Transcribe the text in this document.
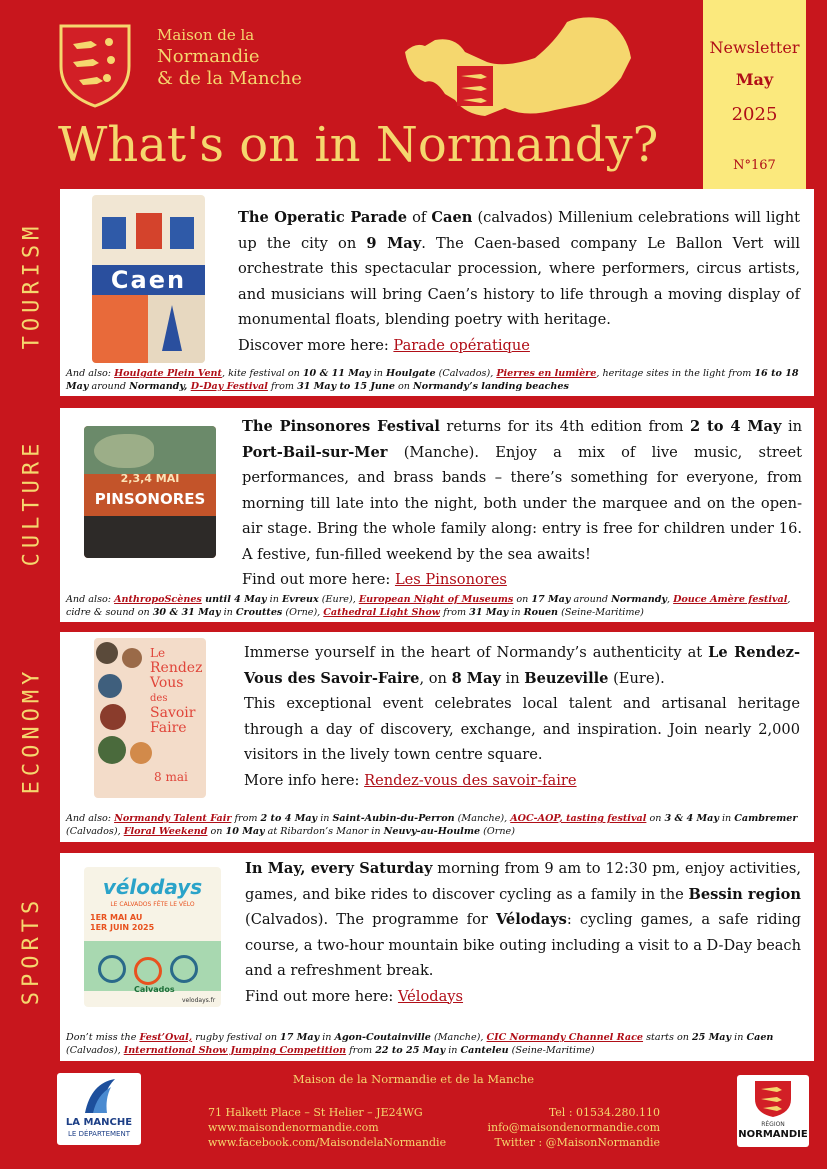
Maison de la
Normandie
& de la Manche
What's on in Normandy?
Newsletter
May
2025
N°167
TOURISM
CULTURE
ECONOMY
SPORTS
Caen
The Operatic Parade of Caen (calvados) Millenium celebrations will light up the city on 9 May. The Caen-based company Le Ballon Vert will orchestrate this spectacular procession, where performers, circus artists, and musicians will bring Caen’s history to life through a moving display of monumental floats, blending poetry with heritage.
Discover more here: Parade opératique
And also: Houlgate Plein Vent, kite festival on 10 & 11 May in Houlgate (Calvados), Pierres en lumière, heritage sites in the light from 16 to 18 May around Normandy, D-Day Festival from 31 May to 15 June on Normandy’s landing beaches
2,3,4 MAI
PINSONORES
The Pinsonores Festival returns for its 4th edition from 2 to 4 May in Port-Bail-sur-Mer (Manche). Enjoy a mix of live music, street performances, and brass bands – there’s something for everyone, from morning till late into the night, both under the marquee and on the open-air stage. Bring the whole family along: entry is free for children under 16. A festive, fun-filled weekend by the sea awaits!
Find out more here: Les Pinsonores
And also: AnthropoScènes until 4 May in Evreux (Eure), European Night of Museums on 17 May around Normandy, Douce Amère festival, cidre & sound on 30 & 31 May in Crouttes (Orne), Cathedral Light Show from 31 May in Rouen (Seine-Maritime)
Le
Rendez
Vous
des
Savoir
Faire
8 mai
Immerse yourself in the heart of Normandy’s authenticity at Le Rendez-Vous des Savoir-Faire, on 8 May in Beuzeville (Eure).
This exceptional event celebrates local talent and artisanal heritage through a day of discovery, exchange, and inspiration. Join nearly 2,000 visitors in the lively town centre square.
More info here: Rendez-vous des savoir-faire
And also: Normandy Talent Fair from 2 to 4 May in Saint-Aubin-du-Perron (Manche), AOC-AOP, tasting festival on 3 & 4 May in Cambremer (Calvados), Floral Weekend on 10 May at Ribardon’s Manor in Neuvy-au-Houlme (Orne)
vélodays
LE CALVADOS FÊTE LE VÉLO
1ER MAI AU 1ER JUIN 2025
Calvados
velodays.fr
In May, every Saturday morning from 9 am to 12:30 pm, enjoy activities, games, and bike rides to discover cycling as a family in the Bessin region (Calvados). The programme for Vélodays: cycling games, a safe riding course, a two-hour mountain bike outing including a visit to a D-Day beach and a refreshment break.
Find out more here: Vélodays
Don’t miss the Fest’Oval, rugby festival on 17 May in Agon-Coutainville (Manche), CIC Normandy Channel Race starts on 25 May in Caen (Calvados), International Show Jumping Competition from 22 to 25 May in Canteleu (Seine-Maritime)
Maison de la Normandie et de la Manche
LA MANCHE
LE DÉPARTEMENT
71 Halkett Place – St Helier – JE24WG
www.maisondenormandie.com
www.facebook.com/MaisondelaNormandie
Tel : 01534.280.110
info@maisondenormandie.com
Twitter : @MaisonNormandie
RÉGION
NORMANDIE
